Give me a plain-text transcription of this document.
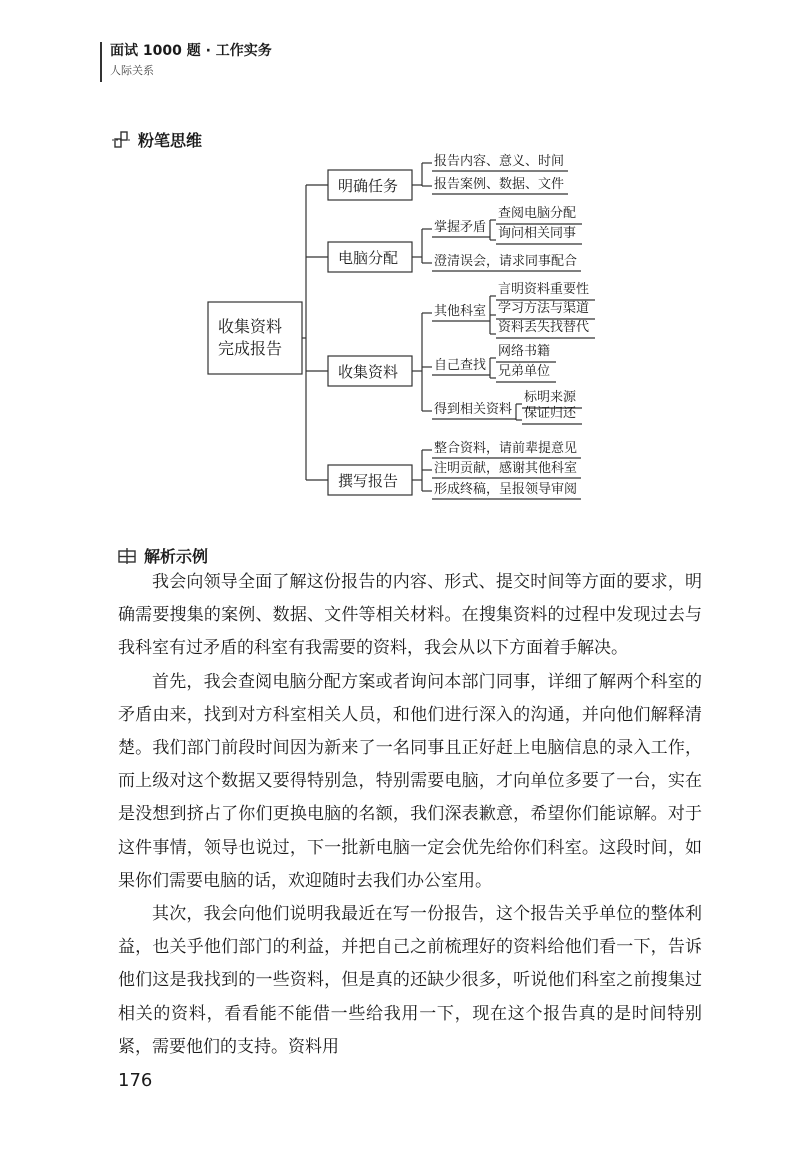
面试 1000 题 · 工作实务
人际关系
粉笔思维
收集资料
完成报告
明确任务
报告内容、意义、时间
报告案例、数据、文件
电脑分配
掌握矛盾
查阅电脑分配
询问相关同事
澄清误会，请求同事配合
收集资料
其他科室
言明资料重要性
学习方法与渠道
资料丢失找替代
自己查找
网络书籍
兄弟单位
得到相关资料
标明来源
保证归还
撰写报告
整合资料，请前辈提意见
注明贡献，感谢其他科室
形成终稿，呈报领导审阅
解析示例

我会向领导全面了解这份报告的内容、形式、提交时间等方面的要求，明确需要搜集的案例、数据、文件等相关材料。在搜集资料的过程中发现过去与我科室有过矛盾的科室有我需要的资料，我会从以下方面着手解决。

首先，我会查阅电脑分配方案或者询问本部门同事，详细了解两个科室的矛盾由来，找到对方科室相关人员，和他们进行深入的沟通，并向他们解释清楚。我们部门前段时间因为新来了一名同事且正好赶上电脑信息的录入工作，而上级对这个数据又要得特别急，特别需要电脑，才向单位多要了一台，实在是没想到挤占了你们更换电脑的名额，我们深表歉意，希望你们能谅解。对于这件事情，领导也说过，下一批新电脑一定会优先给你们科室。这段时间，如果你们需要电脑的话，欢迎随时去我们办公室用。

其次，我会向他们说明我最近在写一份报告，这个报告关乎单位的整体利益，也关乎他们部门的利益，并把自己之前梳理好的资料给他们看一下，告诉他们这是我找到的一些资料，但是真的还缺少很多，听说他们科室之前搜集过相关的资料，看看能不能借一些给我用一下，现在这个报告真的是时间特别紧，需要他们的支持。资料用

176
